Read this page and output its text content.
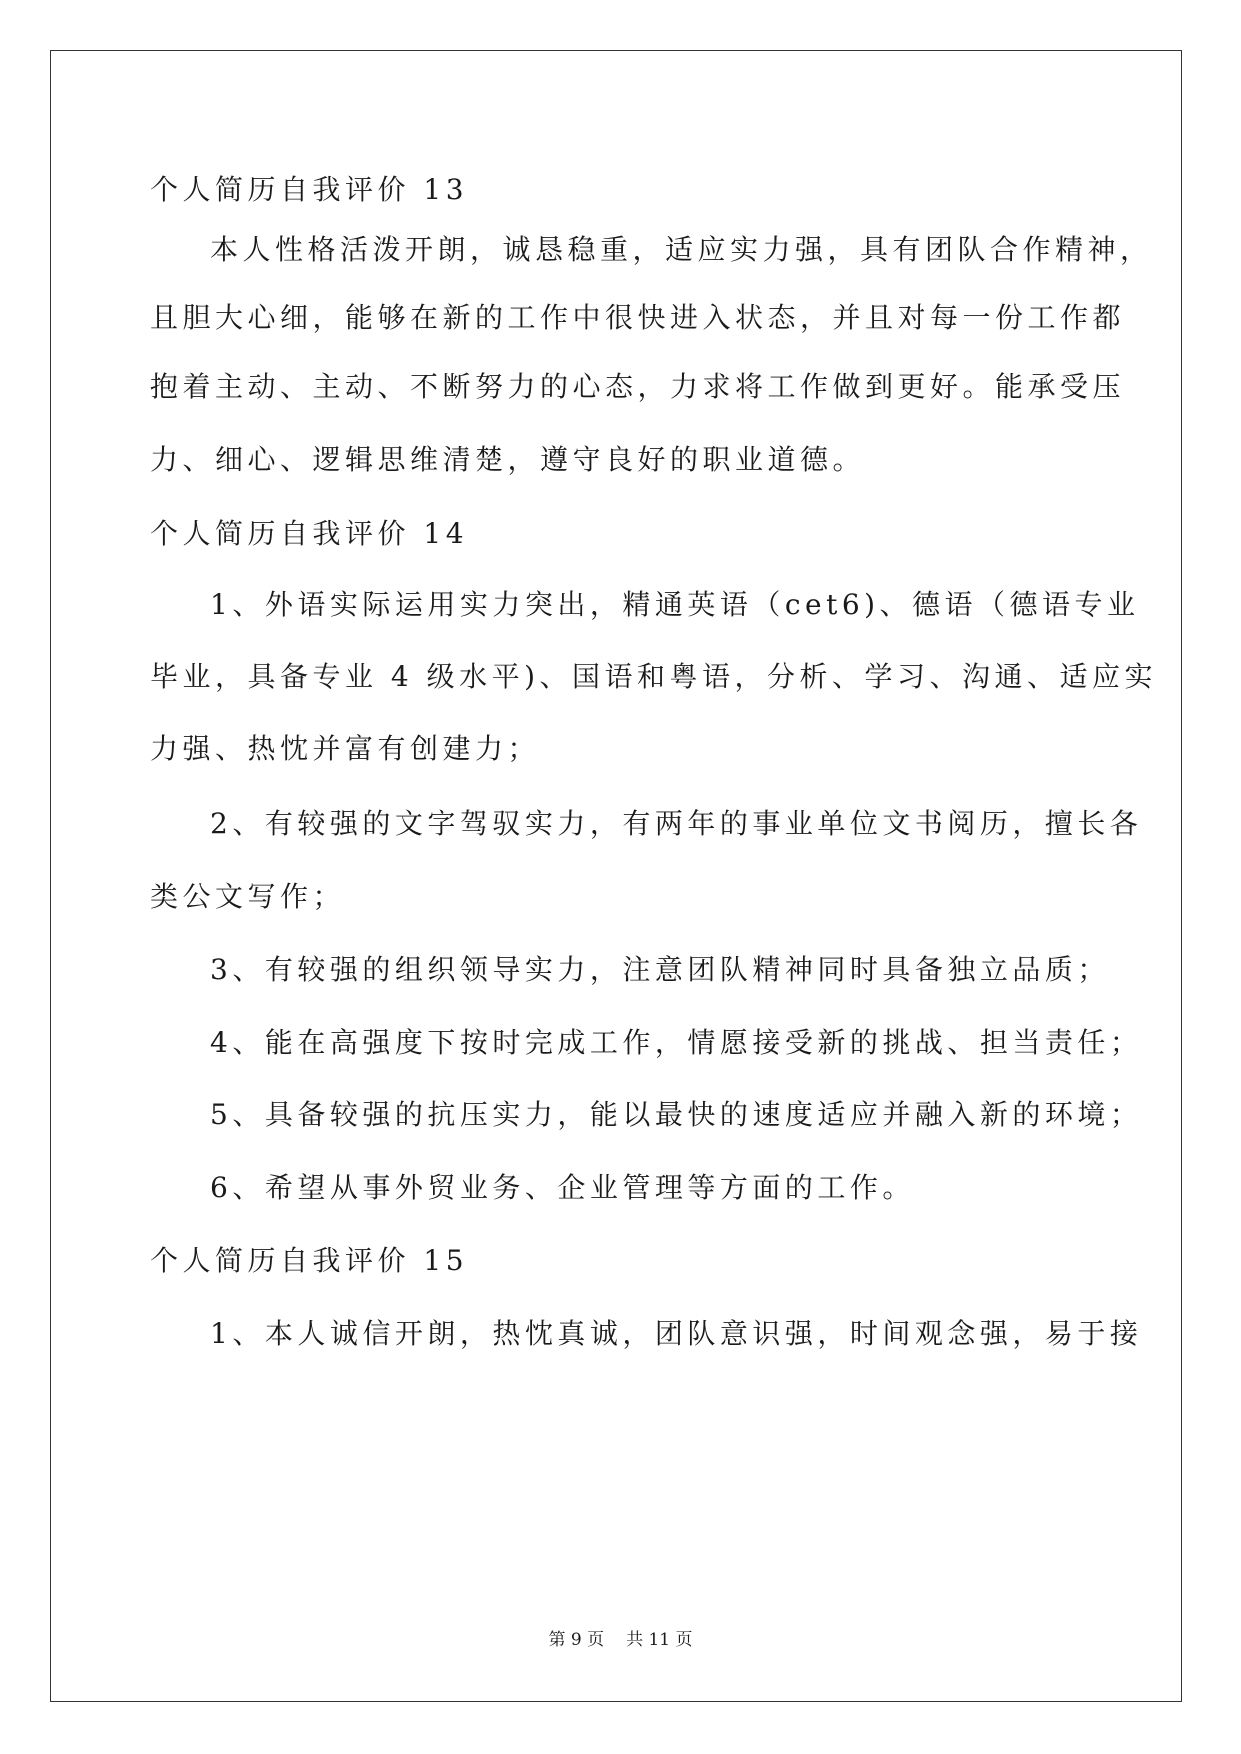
个人简历自我评价 13
本人性格活泼开朗，诚恳稳重，适应实力强，具有团队合作精神，
且胆大心细，能够在新的工作中很快进入状态，并且对每一份工作都
抱着主动、主动、不断努力的心态，力求将工作做到更好。能承受压
力、细心、逻辑思维清楚，遵守良好的职业道德。
个人简历自我评价 14
1、外语实际运用实力突出，精通英语（cet6)、德语（德语专业
毕业，具备专业 4 级水平)、国语和粤语，分析、学习、沟通、适应实
力强、热忱并富有创建力；
2、有较强的文字驾驭实力，有两年的事业单位文书阅历，擅长各
类公文写作；
3、有较强的组织领导实力，注意团队精神同时具备独立品质；
4、能在高强度下按时完成工作，情愿接受新的挑战、担当责任；
5、具备较强的抗压实力，能以最快的速度适应并融入新的环境；
6、希望从事外贸业务、企业管理等方面的工作。
个人简历自我评价 15
1、本人诚信开朗，热忱真诚，团队意识强，时间观念强，易于接
第 9 页 共 11 页
